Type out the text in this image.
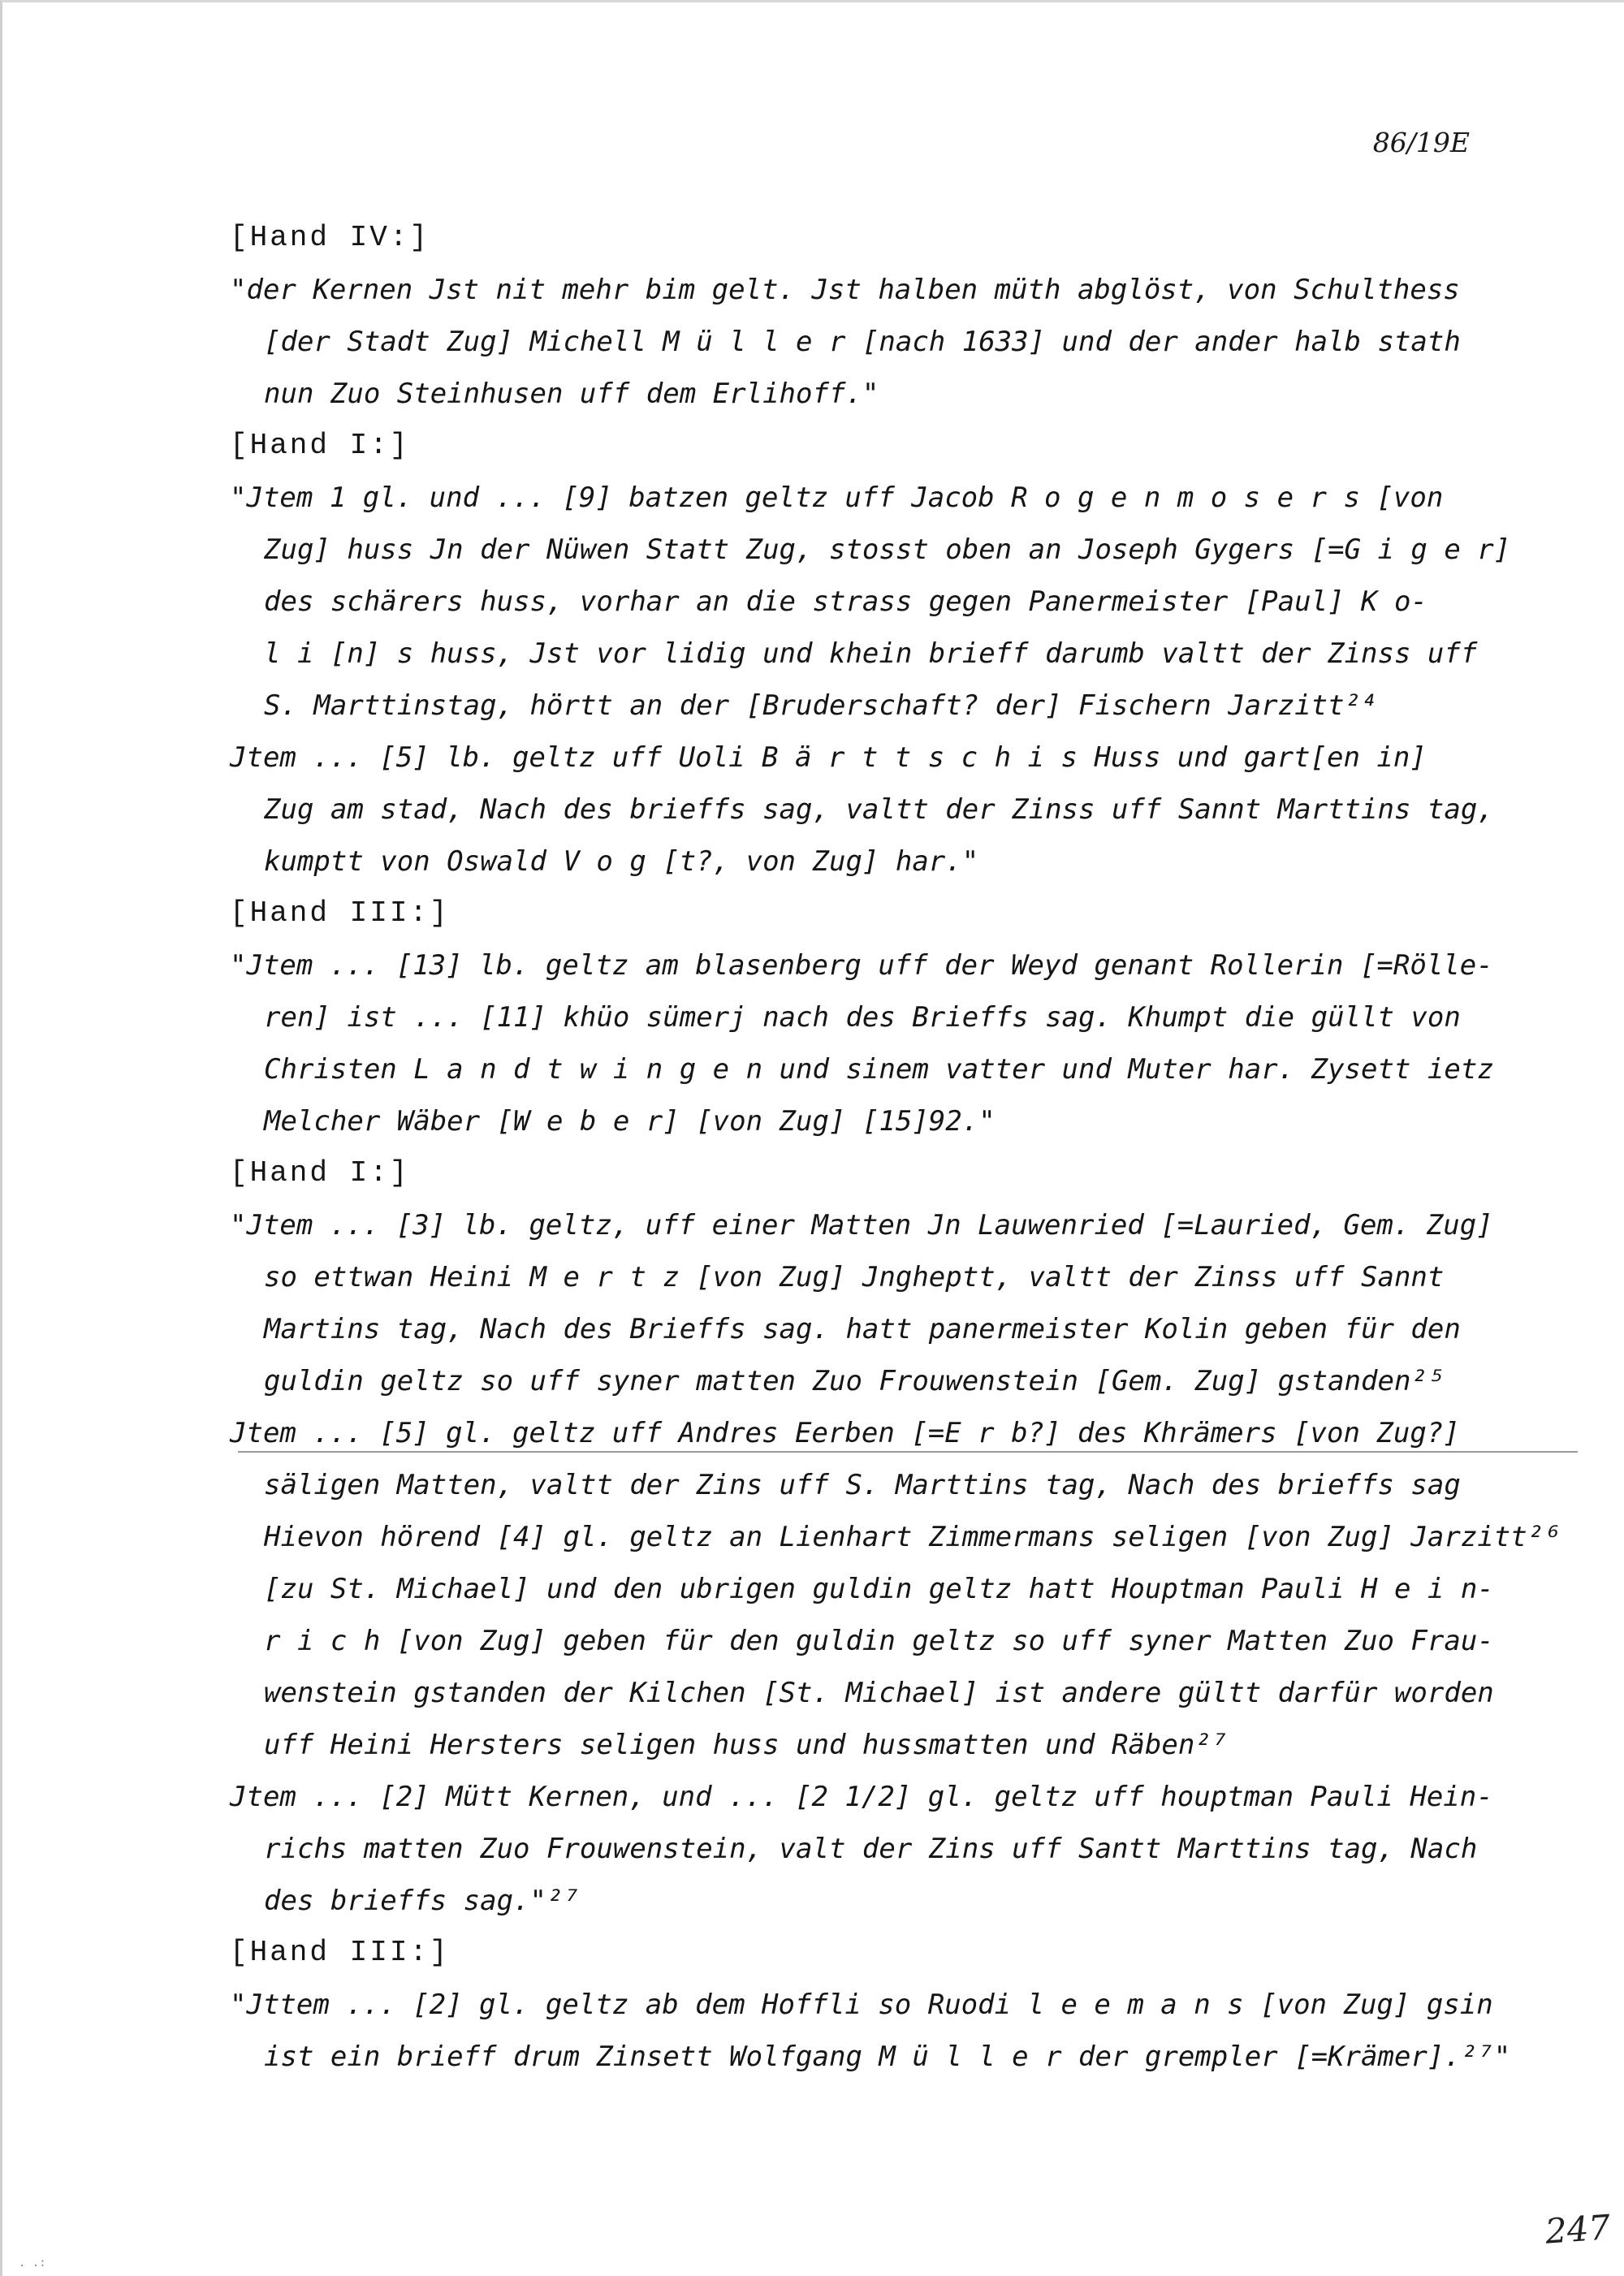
86/19E
[Hand IV:]
"der Kernen Jst nit mehr bim gelt. Jst halben müth abglöst, von Schulthess
[der Stadt Zug] Michell M ü l l e r [nach 1633] und der ander halb stath
nun Zuo Steinhusen uff dem Erlihoff."
[Hand I:]
"Jtem 1 gl. und ... [9] batzen geltz uff Jacob R o g e n m o s e r s [von
Zug] huss Jn der Nüwen Statt Zug, stosst oben an Joseph Gygers [=G i g e r]
des schärers huss, vorhar an die strass gegen Panermeister [Paul] K o-
l i [n] s huss, Jst vor lidig und khein brieff darumb valtt der Zinss uff
S. Marttinstag, hörtt an der [Bruderschaft? der] Fischern Jarzitt²⁴
Jtem ... [5] lb. geltz uff Uoli B ä r t t s c h i s Huss und gart[en in]
Zug am stad, Nach des brieffs sag, valtt der Zinss uff Sannt Marttins tag,
kumptt von Oswald V o g [t?, von Zug] har."
[Hand III:]
"Jtem ... [13] lb. geltz am blasenberg uff der Weyd genant Rollerin [=Rölle-
ren] ist ... [11] khüo sümerj nach des Brieffs sag. Khumpt die güllt von
Christen L a n d t w i n g e n und sinem vatter und Muter har. Zysett ietz
Melcher Wäber [W e b e r] [von Zug] [15]92."
[Hand I:]
"Jtem ... [3] lb. geltz, uff einer Matten Jn Lauwenried [=Lauried, Gem. Zug]
so ettwan Heini M e r t z [von Zug] Jngheptt, valtt der Zinss uff Sannt
Martins tag, Nach des Brieffs sag. hatt panermeister Kolin geben für den
guldin geltz so uff syner matten Zuo Frouwenstein [Gem. Zug] gstanden²⁵
Jtem ... [5] gl. geltz uff Andres Eerben [=E r b?] des Khrämers [von Zug?]
säligen Matten, valtt der Zins uff S. Marttins tag, Nach des brieffs sag
Hievon hörend [4] gl. geltz an Lienhart Zimmermans seligen [von Zug] Jarzitt²⁶
[zu St. Michael] und den ubrigen guldin geltz hatt Houptman Pauli H e i n-
r i c h [von Zug] geben für den guldin geltz so uff syner Matten Zuo Frau-
wenstein gstanden der Kilchen [St. Michael] ist andere gültt darfür worden
uff Heini Hersters seligen huss und hussmatten und Räben²⁷
Jtem ... [2] Mütt Kernen, und ... [2 1/2] gl. geltz uff houptman Pauli Hein-
richs matten Zuo Frouwenstein, valt der Zins uff Santt Marttins tag, Nach
des brieffs sag."²⁷
[Hand III:]
"Jttem ... [2] gl. geltz ab dem Hoffli so Ruodi l e e m a n s [von Zug] gsin
ist ein brieff drum Zinsett Wolfgang M ü l l e r der grempler [=Krämer].²⁷"
247
. .:
